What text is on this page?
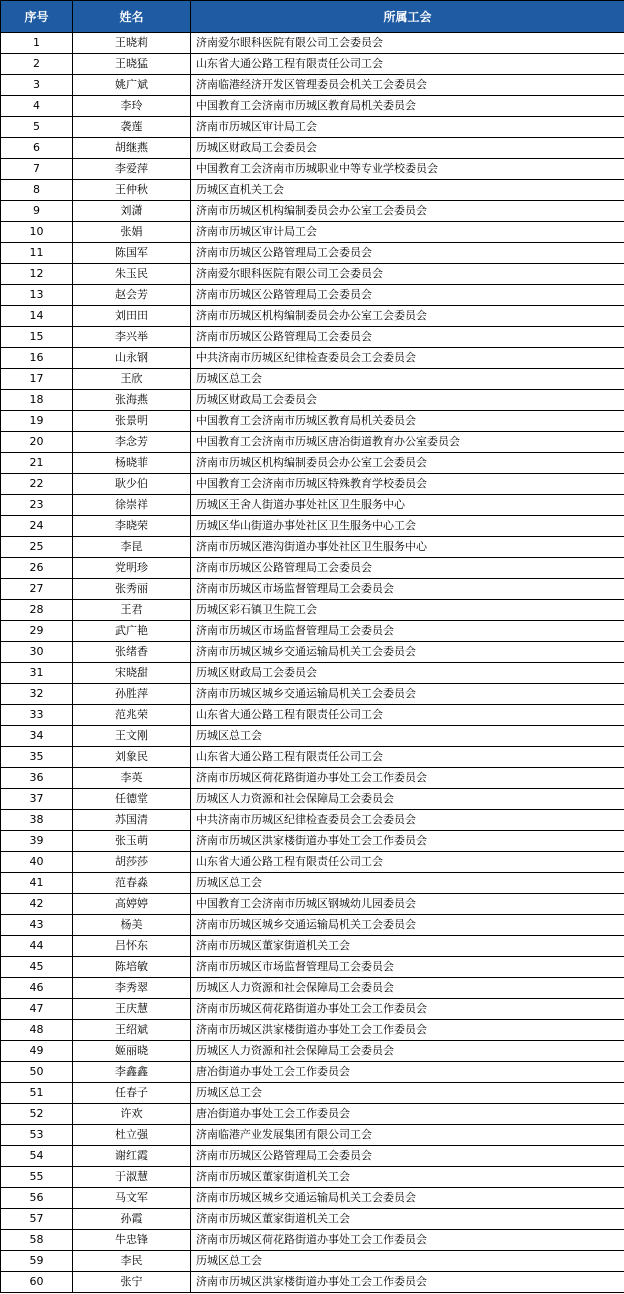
序号	姓名	所属工会
1	王晓莉	济南爱尔眼科医院有限公司工会委员会
2	王晓猛	山东省大通公路工程有限责任公司工会
3	姚广斌	济南临港经济开发区管理委员会机关工会委员会
4	李玲	中国教育工会济南市历城区教育局机关委员会
5	袭莲	济南市历城区审计局工会
6	胡继燕	历城区财政局工会委员会
7	李爱萍	中国教育工会济南市历城职业中等专业学校委员会
8	王仲秋	历城区直机关工会
9	刘潇	济南市历城区机构编制委员会办公室工会委员会
10	张娟	济南市历城区审计局工会
11	陈国军	济南市历城区公路管理局工会委员会
12	朱玉民	济南爱尔眼科医院有限公司工会委员会
13	赵会芳	济南市历城区公路管理局工会委员会
14	刘田田	济南市历城区机构编制委员会办公室工会委员会
15	李兴举	济南市历城区公路管理局工会委员会
16	山永钢	中共济南市历城区纪律检查委员会工会委员会
17	王欣	历城区总工会
18	张海燕	历城区财政局工会委员会
19	张景明	中国教育工会济南市历城区教育局机关委员会
20	李念芳	中国教育工会济南市历城区唐冶街道教育办公室委员会
21	杨晓菲	济南市历城区机构编制委员会办公室工会委员会
22	耿少伯	中国教育工会济南市历城区特殊教育学校委员会
23	徐崇祥	历城区王舍人街道办事处社区卫生服务中心
24	李晓荣	历城区华山街道办事处社区卫生服务中心工会
25	李昆	济南市历城区港沟街道办事处社区卫生服务中心
26	党明珍	济南市历城区公路管理局工会委员会
27	张秀丽	济南市历城区市场监督管理局工会委员会
28	王君	历城区彩石镇卫生院工会
29	武广艳	济南市历城区市场监督管理局工会委员会
30	张绪香	济南市历城区城乡交通运输局机关工会委员会
31	宋晓甜	历城区财政局工会委员会
32	孙胜萍	济南市历城区城乡交通运输局机关工会委员会
33	范兆荣	山东省大通公路工程有限责任公司工会
34	王文刚	历城区总工会
35	刘象民	山东省大通公路工程有限责任公司工会
36	李英	济南市历城区荷花路街道办事处工会工作委员会
37	任德堂	历城区人力资源和社会保障局工会委员会
38	苏国清	中共济南市历城区纪律检查委员会工会委员会
39	张玉萌	济南市历城区洪家楼街道办事处工会工作委员会
40	胡莎莎	山东省大通公路工程有限责任公司工会
41	范春淼	历城区总工会
42	高婷婷	中国教育工会济南市历城区钢城幼儿园委员会
43	杨美	济南市历城区城乡交通运输局机关工会委员会
44	吕怀东	济南市历城区董家街道机关工会
45	陈培敏	济南市历城区市场监督管理局工会委员会
46	李秀翠	历城区人力资源和社会保障局工会委员会
47	王庆慧	济南市历城区荷花路街道办事处工会工作委员会
48	王绍斌	济南市历城区洪家楼街道办事处工会工作委员会
49	姬丽晓	历城区人力资源和社会保障局工会委员会
50	李鑫鑫	唐冶街道办事处工会工作委员会
51	任春子	历城区总工会
52	许欢	唐冶街道办事处工会工作委员会
53	杜立强	济南临港产业发展集团有限公司工会
54	谢红霞	济南市历城区公路管理局工会委员会
55	于淑慧	济南市历城区董家街道机关工会
56	马文军	济南市历城区城乡交通运输局机关工会委员会
57	孙霞	济南市历城区董家街道机关工会
58	牛忠锋	济南市历城区荷花路街道办事处工会工作委员会
59	李民	历城区总工会
60	张宁	济南市历城区洪家楼街道办事处工会工作委员会
